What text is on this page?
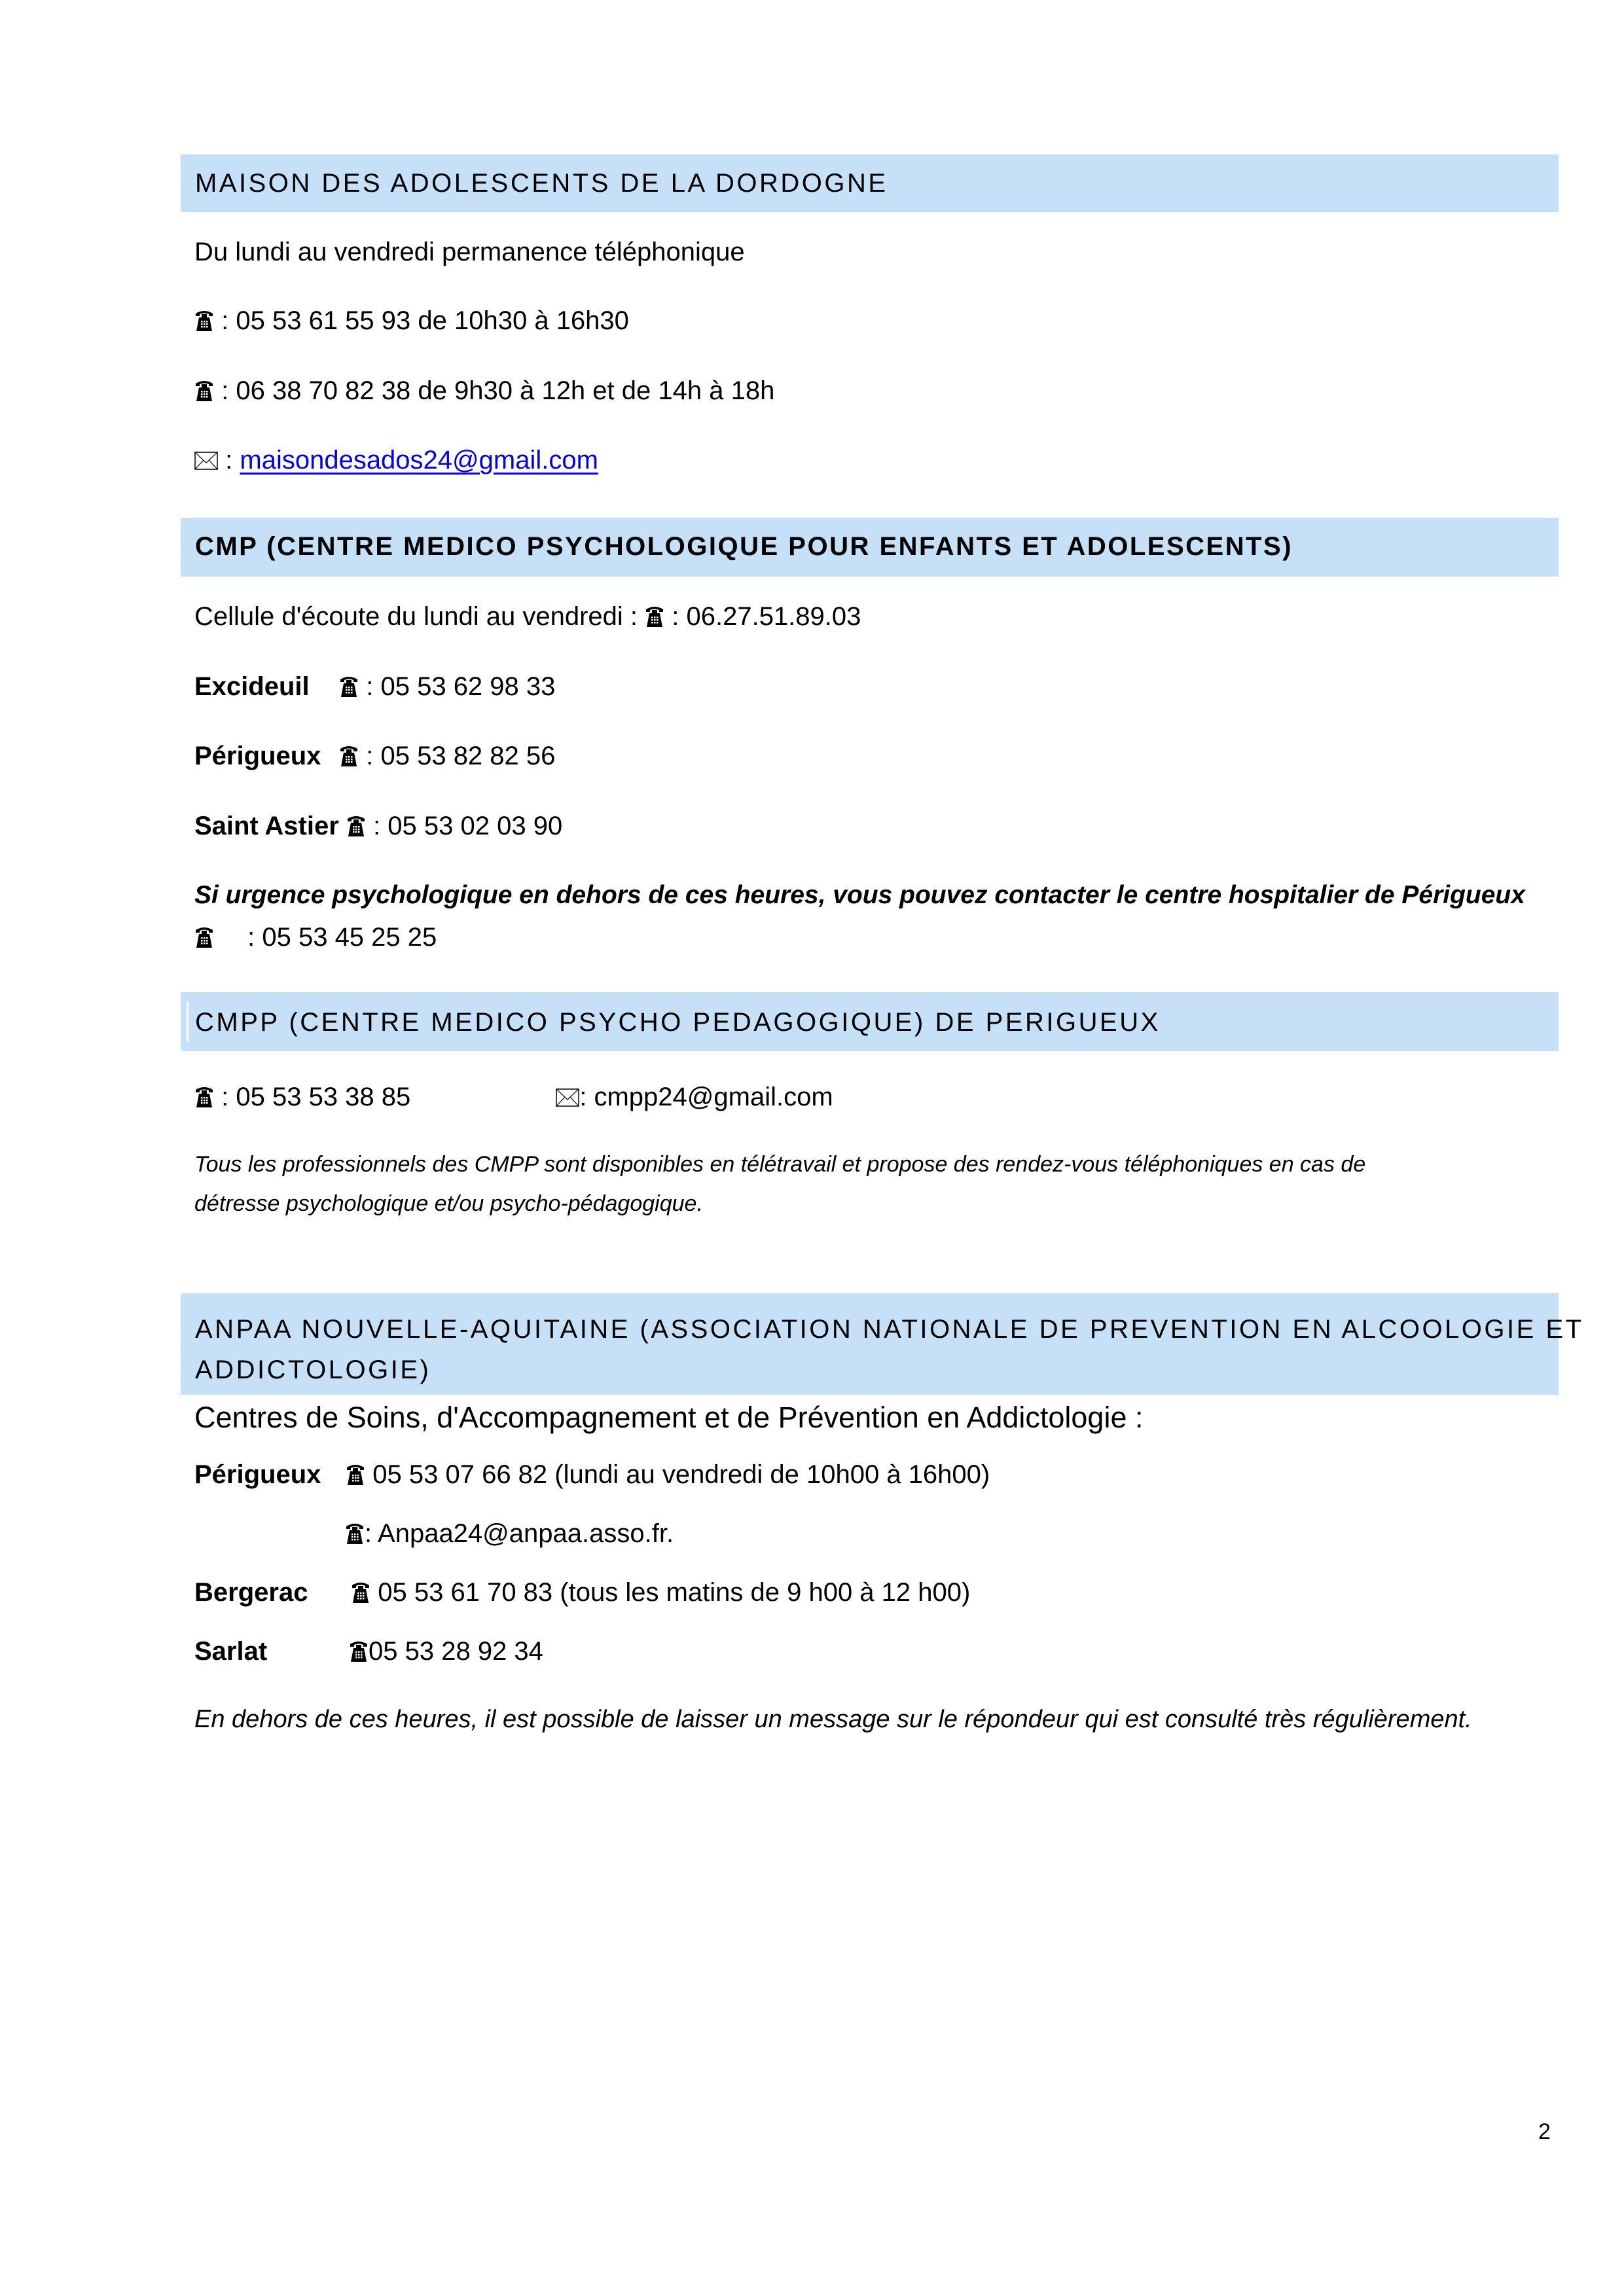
MAISON DES ADOLESCENTS DE LA DORDOGNE
Du lundi au vendredi permanence téléphonique
: 05 53 61 55 93 de 10h30 à 16h30
: 06 38 70 82 38 de 9h30 à 12h et de 14h à 18h
: maisondesados24@gmail.com
CMP (CENTRE MEDICO PSYCHOLOGIQUE POUR ENFANTS ET ADOLESCENTS)
Cellule d'écoute du lundi au vendredi : : 06.27.51.89.03
Excideuil : 05 53 62 98 33
Périgueux : 05 53 82 82 56
Saint Astier : 05 53 02 03 90
Si urgence psychologique en dehors de ces heures, vous pouvez contacter le centre hospitalier de Périgueux
: 05 53 45 25 25
CMPP (CENTRE MEDICO PSYCHO PEDAGOGIQUE) DE PERIGUEUX
: 05 53 53 38 85	: cmpp24@gmail.com
Tous les professionnels des CMPP sont disponibles en télétravail et propose des rendez-vous téléphoniques en cas de
détresse psychologique et/ou psycho-pédagogique.
ANPAA NOUVELLE-AQUITAINE (ASSOCIATION NATIONALE DE PREVENTION EN ALCOOLOGIE ET
ADDICTOLOGIE)
Centres de Soins, d'Accompagnement et de Prévention en Addictologie :
Périgueux 05 53 07 66 82 (lundi au vendredi de 10h00 à 16h00)
: Anpaa24@anpaa.asso.fr.
Bergerac	05 53 61 70 83 (tous les matins de 9 h00 à 12 h00)
Sarlat	05 53 28 92 34
En dehors de ces heures, il est possible de laisser un message sur le répondeur qui est consulté très régulièrement.
2
